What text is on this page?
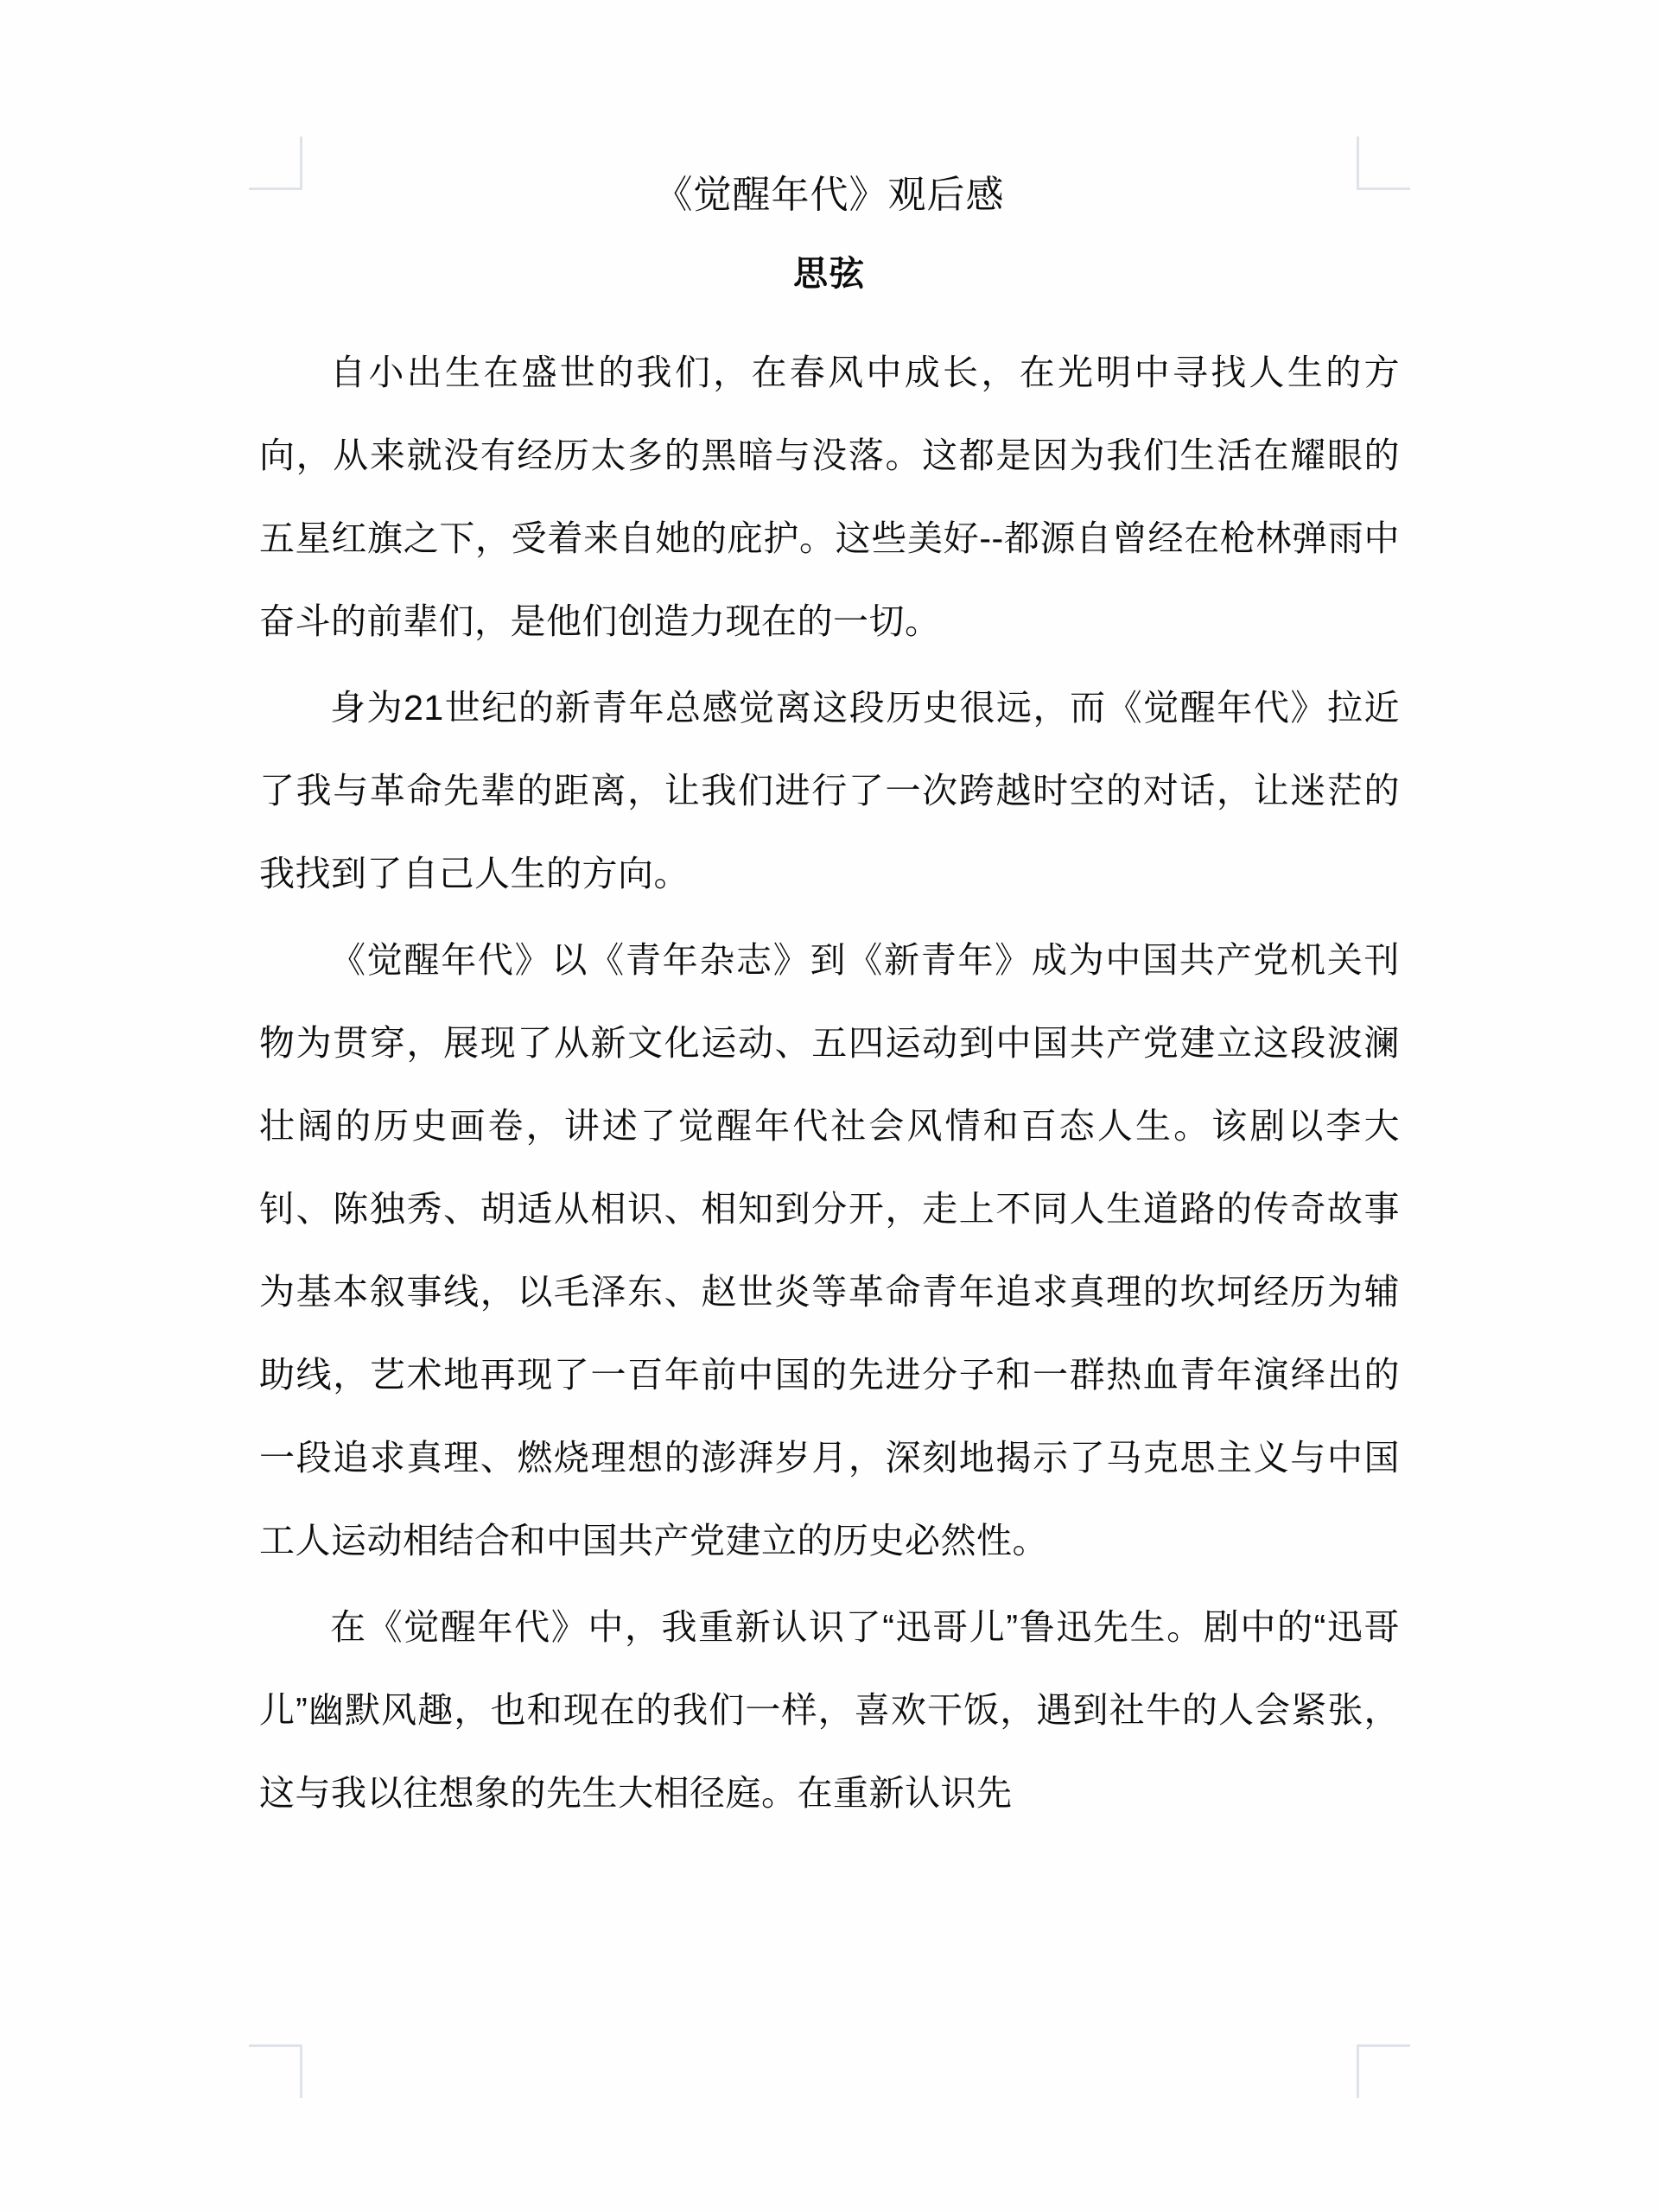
《觉醒年代》观后感
思弦

自小出生在盛世的我们，在春风中成长，在光明中寻找人生的方向，从来就没有经历太多的黑暗与没落。这都是因为我们生活在耀眼的五星红旗之下，受着来自她的庇护。这些美好--都源自曾经在枪林弹雨中奋斗的前辈们，是他们创造力现在的一切。

身为21世纪的新青年总感觉离这段历史很远，而《觉醒年代》拉近了我与革命先辈的距离，让我们进行了一次跨越时空的对话，让迷茫的我找到了自己人生的方向。

《觉醒年代》以《青年杂志》到《新青年》成为中国共产党机关刊物为贯穿，展现了从新文化运动、五四运动到中国共产党建立这段波澜壮阔的历史画卷，讲述了觉醒年代社会风情和百态人生。该剧以李大钊、陈独秀、胡适从相识、相知到分开，走上不同人生道路的传奇故事为基本叙事线，以毛泽东、赵世炎等革命青年追求真理的坎坷经历为辅助线，艺术地再现了一百年前中国的先进分子和一群热血青年演绎出的一段追求真理、燃烧理想的澎湃岁月，深刻地揭示了马克思主义与中国工人运动相结合和中国共产党建立的历史必然性。

在《觉醒年代》中，我重新认识了“迅哥儿”鲁迅先生。剧中的“迅哥儿”幽默风趣，也和现在的我们一样，喜欢干饭，遇到社牛的人会紧张，这与我以往想象的先生大相径庭。在重新认识先
